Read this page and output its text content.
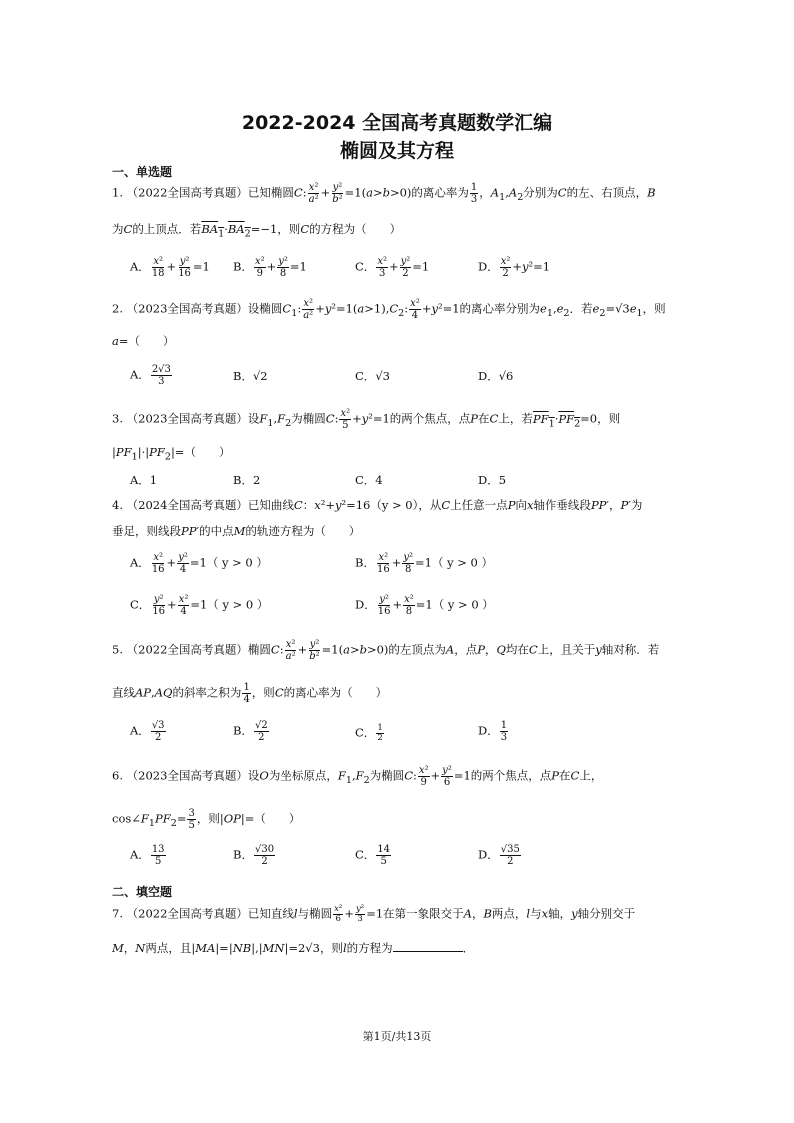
2022-2024 全国高考真题数学汇编
椭圆及其方程
一、单选题
1. （2022全国高考真题）已知椭圆C: $\frac{\text{x²}}{\text{a²}} + \frac{\text{y²}}{\text{b²}} =1(a>b>0)$的离心率为 $\frac{1}{3}$ ，$A_1,A_2$分别为C的左、右顶点，B
为C的上顶点．若$BA_1\cdot BA_2=-1$，则C的方程为（　　）
A． $\frac{\text{x²}}{18} + \frac{\text{y²}}{16} =1$ B． $\frac{\text{x²}}{9} + \frac{\text{y²}}{8} =1$	C． $\frac{\text{x²}}{3} + \frac{\text{y²}}{2} =1$	D． $\frac{\text{x²}}{2} +y^2=1$
2. （2023全国高考真题）设椭圆$C_1$: $\frac{\text{x²}}{\text{a²}} +y^2=1(a>1),C_2$: $\frac{\text{x²}}{4} +y^2=1$的离心率分别为$e_1,e_2$．若$e_2=√3e_1$，则
a=（　　）
A． $\frac{2√3}{3}$	B．√2	C．√3	D．√6
3. （2023全国高考真题）设$F_1,F_2$为椭圆C: $\frac{\text{x²}}{5} +y^2=1$的两个焦点，点P在C上，若$PF_1\cdot PF_2=0$，则
$|PF_1|\cdot|PF_2|=$（　　）
A．1	B．2	C．4	D．5
4. （2024全国高考真题）已知曲线C：x²+y²=16（y > 0），从C上任意一点P向x轴作垂线段PP′，P′为
垂足，则线段PP′的中点M的轨迹方程为（　　）
A． $\frac{\text{x²}}{16} + \frac{\text{y²}}{4} =1$（ y > 0 ）	B． $\frac{\text{x²}}{16} + \frac{\text{y²}}{8} =1$（ y > 0 ）
C． $\frac{\text{y²}}{16} + \frac{\text{x²}}{4} =1$（ y > 0 ）	D． $\frac{\text{y²}}{16} + \frac{\text{x²}}{8} =1$（ y > 0 ）
5. （2022全国高考真题）椭圆C: $\frac{\text{x²}}{\text{a²}} + \frac{\text{y²}}{\text{b²}} =1(a>b>0)$的左顶点为A，点P，Q均在C上，且关于y轴对称．若
直线AP,AQ的斜率之积为 $\frac{1}{4}$ ，则C的离心率为（　　）
A． $\frac{√3}{2}$	B． $\frac{√2}{2}$	C． $\frac{1}{2}$	D． $\frac{1}{3}$
6. （2023全国高考真题）设O为坐标原点，$F_1,F_2$为椭圆C: $\frac{\text{x²}}{9} + \frac{\text{y²}}{6} =1$的两个焦点，点P在C上，
$\cos\angle F_1PF_2= \frac{3}{5}$ ，则|OP|=（　　）
A． $\frac{13}{5}$	B． $\frac{√30}{2}$	C． $\frac{14}{5}$	D． $\frac{√35}{2}$
二、填空题
7. （2022全国高考真题）已知直线l与椭圆 $\frac{\text{x²}}{6} + \frac{\text{y²}}{3} =1$在第一象限交于A，B两点，l与x轴，y轴分别交于
M，N两点，且|MA|=|NB|,|MN|=2√3，则l的方程为	．
第1页/共13页
